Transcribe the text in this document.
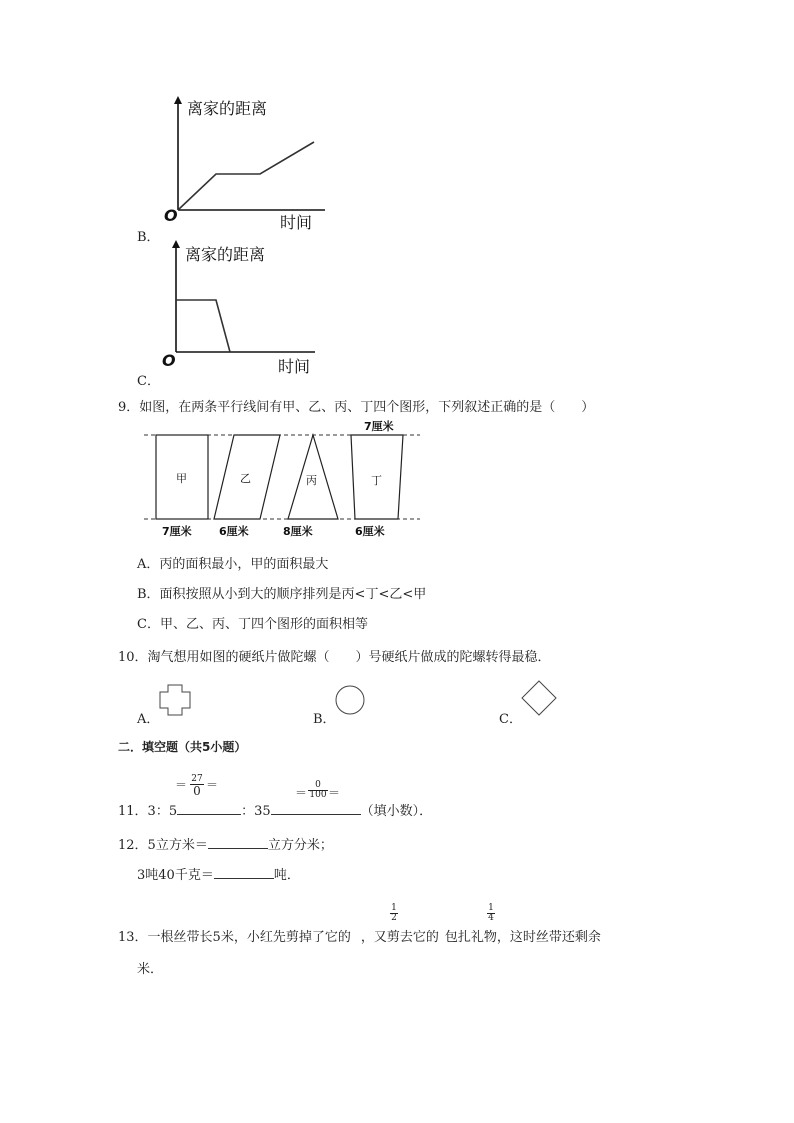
离家的距离
时间
O
B．
离家的距离
时间
O
C．
9．如图，在两条平行线间有甲、乙、丙、丁四个图形，下列叙述正确的是（　　）
甲	乙	丙	丁
7厘米
7厘米 6厘米	8厘米	6厘米
A．丙的面积最小，甲的面积最大
B．面积按照从小到大的顺序排列是丙<丁<乙<甲
C．甲、乙、丙、丁四个图形的面积相等
10．淘气想用如图的硬纸片做陀螺（　　）号硬纸片做成的陀螺转得最稳．
A．	B．	C．
二．填空题（共5小题）
11．3：5	：35	（填小数）．
＝ 27
0 ＝
＝ $\frac{0}{100}$ ＝
12．5立方米＝	立方分米；
3吨40千克＝	吨．
13．一根丝带长5米，小红先剪掉了它的 ，又剪去它的 包扎礼物，这时丝带还剩余
$\frac{1}{2}$	$\frac{1}{4}$
米．
